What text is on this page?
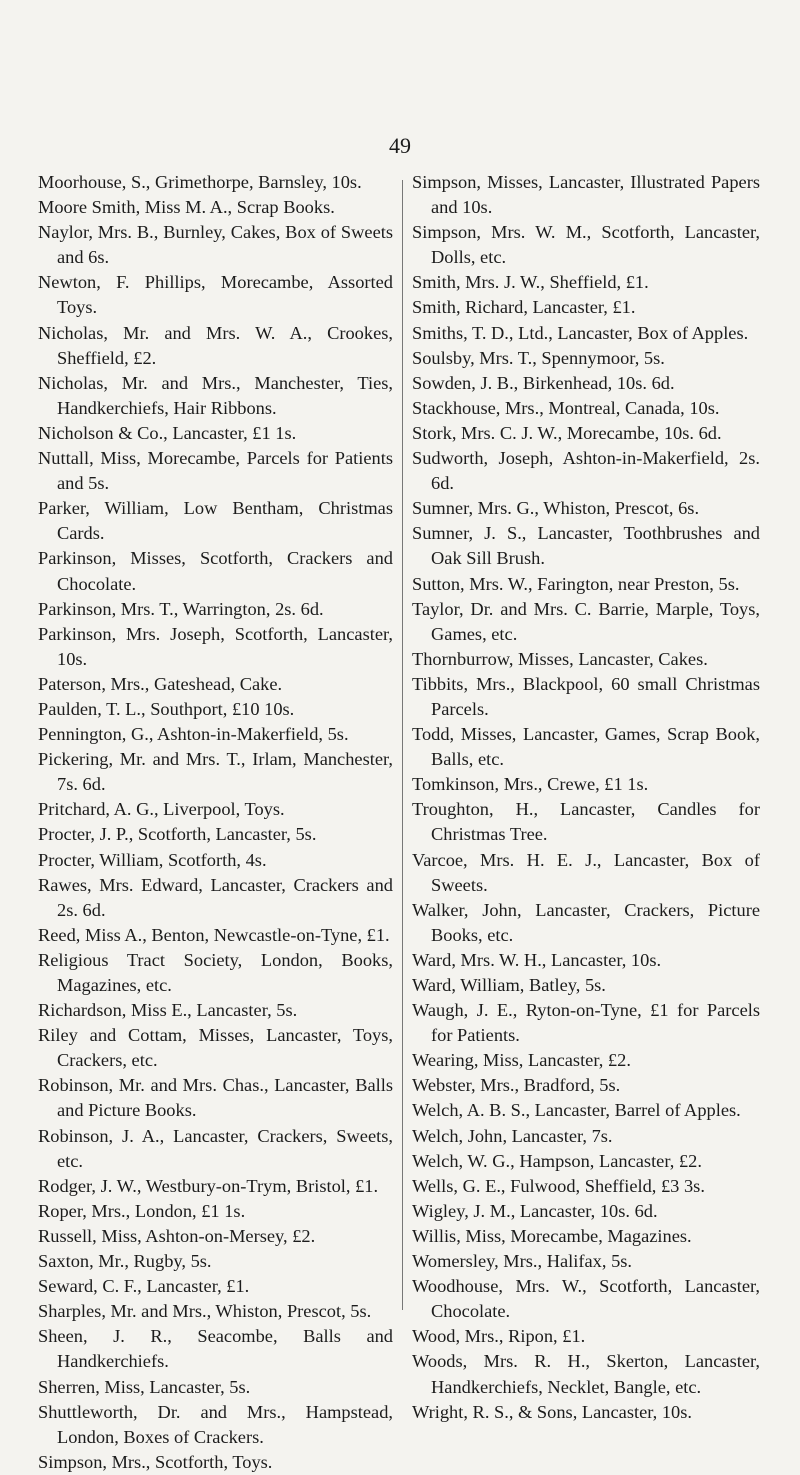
49

Moorhouse, S., Grimethorpe, Barnsley, 10s.

Moore Smith, Miss M. A., Scrap Books.

Naylor, Mrs. B., Burnley, Cakes, Box of Sweets and 6s.

Newton, F. Phillips, Morecambe, Assorted Toys.

Nicholas, Mr. and Mrs. W. A., Crookes, Sheffield, £2.

Nicholas, Mr. and Mrs., Manchester, Ties, Handkerchiefs, Hair Ribbons.

Nicholson & Co., Lancaster, £1 1s.

Nuttall, Miss, Morecambe, Parcels for Patients and 5s.

Parker, William, Low Bentham, Christmas Cards.

Parkinson, Misses, Scotforth, Crackers and Chocolate.

Parkinson, Mrs. T., Warrington, 2s. 6d.

Parkinson, Mrs. Joseph, Scotforth, Lancaster, 10s.

Paterson, Mrs., Gateshead, Cake.

Paulden, T. L., Southport, £10 10s.

Pennington, G., Ashton-in-Makerfield, 5s.

Pickering, Mr. and Mrs. T., Irlam, Manchester, 7s. 6d.

Pritchard, A. G., Liverpool, Toys.

Procter, J. P., Scotforth, Lancaster, 5s.

Procter, William, Scotforth, 4s.

Rawes, Mrs. Edward, Lancaster, Crackers and 2s. 6d.

Reed, Miss A., Benton, Newcastle-on-Tyne, £1.

Religious Tract Society, London, Books, Magazines, etc.

Richardson, Miss E., Lancaster, 5s.

Riley and Cottam, Misses, Lancaster, Toys, Crackers, etc.

Robinson, Mr. and Mrs. Chas., Lancaster, Balls and Picture Books.

Robinson, J. A., Lancaster, Crackers, Sweets, etc.

Rodger, J. W., Westbury-on-Trym, Bristol, £1.

Roper, Mrs., London, £1 1s.

Russell, Miss, Ashton-on-Mersey, £2.

Saxton, Mr., Rugby, 5s.

Seward, C. F., Lancaster, £1.

Sharples, Mr. and Mrs., Whiston, Prescot, 5s.

Sheen, J. R., Seacombe, Balls and Handkerchiefs.

Sherren, Miss, Lancaster, 5s.

Shuttleworth, Dr. and Mrs., Hampstead, London, Boxes of Crackers.

Simpson, Mrs., Scotforth, Toys.

Simpson, Misses, Lancaster, Illustrated Papers and 10s.

Simpson, Mrs. W. M., Scotforth, Lancaster, Dolls, etc.

Smith, Mrs. J. W., Sheffield, £1.

Smith, Richard, Lancaster, £1.

Smiths, T. D., Ltd., Lancaster, Box of Apples.

Soulsby, Mrs. T., Spennymoor, 5s.

Sowden, J. B., Birkenhead, 10s. 6d.

Stackhouse, Mrs., Montreal, Canada, 10s.

Stork, Mrs. C. J. W., Morecambe, 10s. 6d.

Sudworth, Joseph, Ashton-in-Makerfield, 2s. 6d.

Sumner, Mrs. G., Whiston, Prescot, 6s.

Sumner, J. S., Lancaster, Toothbrushes and Oak Sill Brush.

Sutton, Mrs. W., Farington, near Preston, 5s.

Taylor, Dr. and Mrs. C. Barrie, Marple, Toys, Games, etc.

Thornburrow, Misses, Lancaster, Cakes.

Tibbits, Mrs., Blackpool, 60 small Christmas Parcels.

Todd, Misses, Lancaster, Games, Scrap Book, Balls, etc.

Tomkinson, Mrs., Crewe, £1 1s.

Troughton, H., Lancaster, Candles for Christmas Tree.

Varcoe, Mrs. H. E. J., Lancaster, Box of Sweets.

Walker, John, Lancaster, Crackers, Picture Books, etc.

Ward, Mrs. W. H., Lancaster, 10s.

Ward, William, Batley, 5s.

Waugh, J. E., Ryton-on-Tyne, £1 for Parcels for Patients.

Wearing, Miss, Lancaster, £2.

Webster, Mrs., Bradford, 5s.

Welch, A. B. S., Lancaster, Barrel of Apples.

Welch, John, Lancaster, 7s.

Welch, W. G., Hampson, Lancaster, £2.

Wells, G. E., Fulwood, Sheffield, £3 3s.

Wigley, J. M., Lancaster, 10s. 6d.

Willis, Miss, Morecambe, Magazines.

Womersley, Mrs., Halifax, 5s.

Woodhouse, Mrs. W., Scotforth, Lancaster, Chocolate.

Wood, Mrs., Ripon, £1.

Woods, Mrs. R. H., Skerton, Lancaster, Handkerchiefs, Necklet, Bangle, etc.

Wright, R. S., & Sons, Lancaster, 10s.
